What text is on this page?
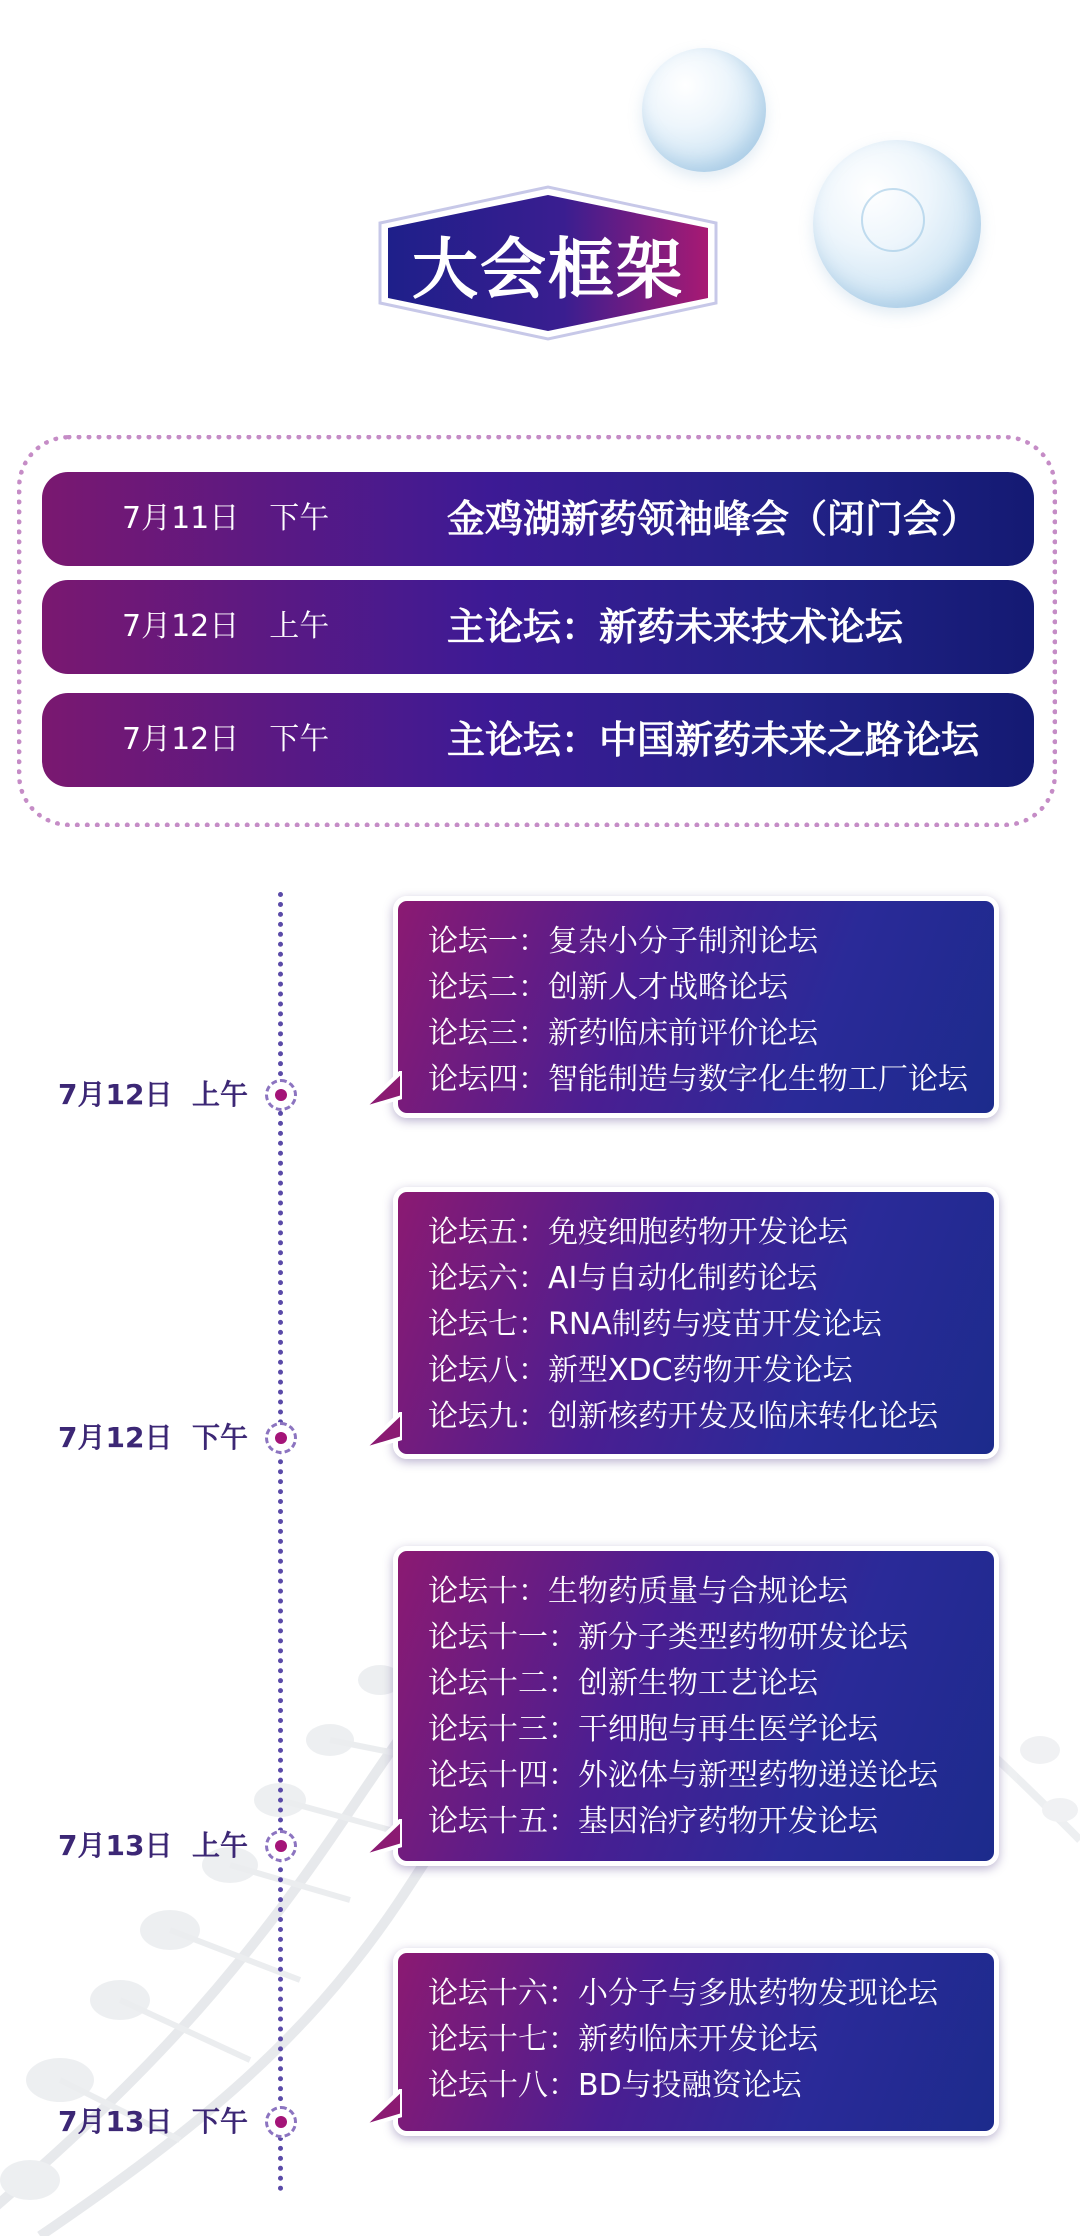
大会框架
7月11日　下午	金鸡湖新药领袖峰会（闭门会）
7月12日　上午	主论坛：新药未来技术论坛
7月12日　下午	主论坛：中国新药未来之路论坛
7月12日  上午
论坛一：复杂小分子制剂论坛
论坛二：创新人才战略论坛
论坛三：新药临床前评价论坛
论坛四：智能制造与数字化生物工厂论坛
7月12日  下午
论坛五：免疫细胞药物开发论坛
论坛六：AI与自动化制药论坛
论坛七：RNA制药与疫苗开发论坛
论坛八：新型XDC药物开发论坛
论坛九：创新核药开发及临床转化论坛
7月13日  上午
论坛十：生物药质量与合规论坛
论坛十一：新分子类型药物研发论坛
论坛十二：创新生物工艺论坛
论坛十三：干细胞与再生医学论坛
论坛十四：外泌体与新型药物递送论坛
论坛十五：基因治疗药物开发论坛
7月13日  下午
论坛十六：小分子与多肽药物发现论坛
论坛十七：新药临床开发论坛
论坛十八：BD与投融资论坛
